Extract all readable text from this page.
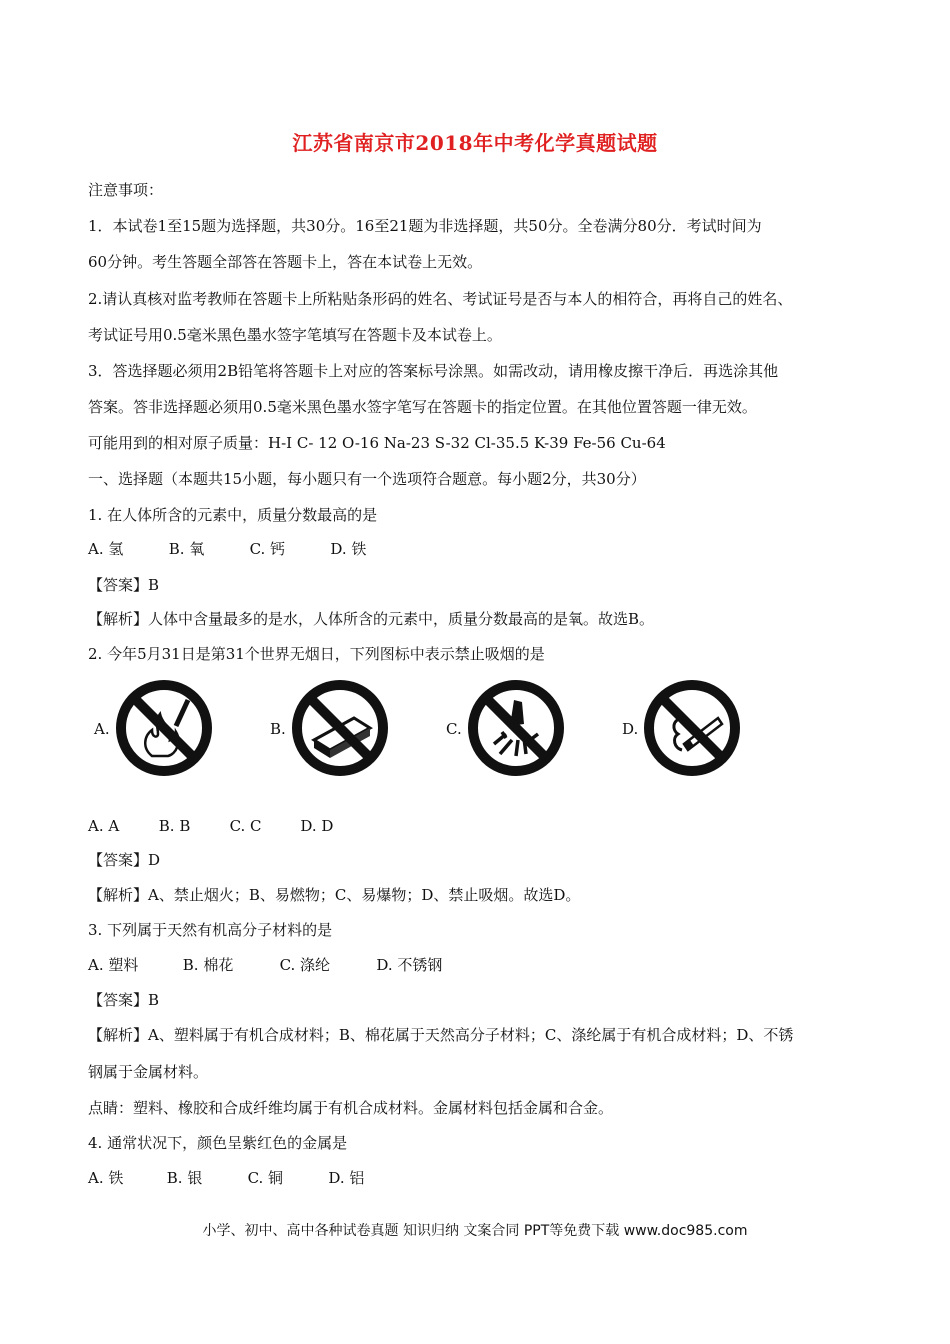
江苏省南京市2018年中考化学真题试题
注意事项：
1．本试卷1至15题为选择题，共30分。16至21题为非选择题，共50分。全卷满分80分．考试时间为
60分钟。考生答题全部答在答题卡上，答在本试卷上无效。
2.请认真核对监考教师在答题卡上所粘贴条形码的姓名、考试证号是否与本人的相符合，再将自己的姓名、
考试证号用0.5毫米黑色墨水签字笔填写在答题卡及本试卷上。
3．答选择题必须用2B铅笔将答题卡上对应的答案标号涂黑。如需改动，请用橡皮擦干净后．再选涂其他
答案。答非选择题必须用0.5毫米黑色墨水签字笔写在答题卡的指定位置。在其他位置答题一律无效。
可能用到的相对原子质量：H-I C- 12 O-16 Na-23 S-32 Cl-35.5 K-39 Fe-56 Cu-64
一、选择题（本题共15小题，每小题只有一个选项符合题意。每小题2分，共30分）
1. 在人体所含的元素中，质量分数最高的是
A. 氢	B. 氧	C. 钙	D. 铁
【答案】B
【解析】人体中含量最多的是水，人体所含的元素中，质量分数最高的是氧。故选B。
2. 今年5月31日是第31个世界无烟日，下列图标中表示禁止吸烟的是
A.	B.	C.	D.
A. A	B. B	C. C	D. D
【答案】D
【解析】A、禁止烟火；B、易燃物；C、易爆物；D、禁止吸烟。故选D。
3. 下列属于天然有机高分子材料的是
A. 塑料	B. 棉花	C. 涤纶	D. 不锈钢
【答案】B
【解析】A、塑料属于有机合成材料；B、棉花属于天然高分子材料；C、涤纶属于有机合成材料；D、不锈
钢属于金属材料。
点睛：塑料、橡胶和合成纤维均属于有机合成材料。金属材料包括金属和合金。
4. 通常状况下，颜色呈紫红色的金属是
A. 铁	B. 银	C. 铜	D. 铝
小学、初中、高中各种试卷真题 知识归纳 文案合同 PPT等免费下载 www.doc985.com
